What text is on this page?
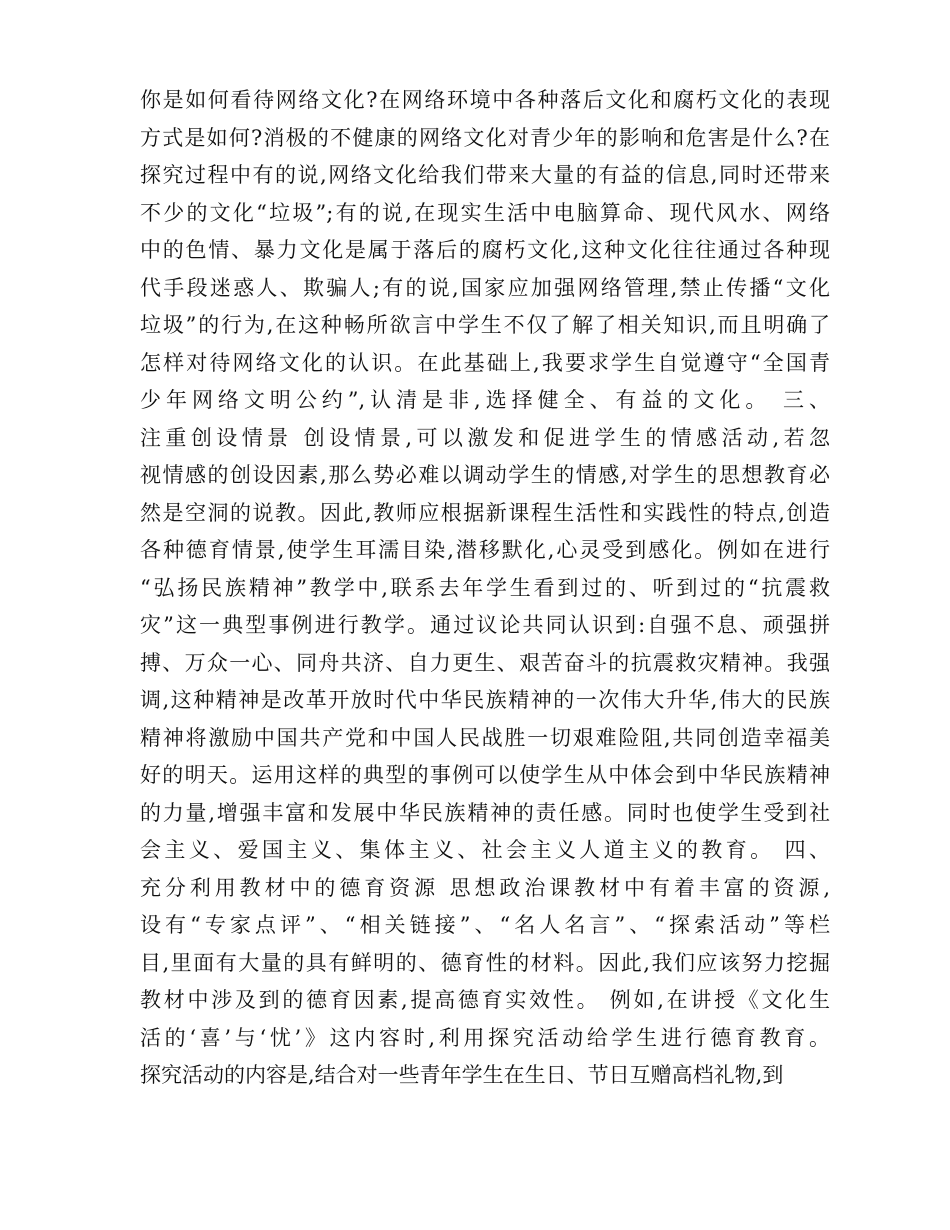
你是如何看待网络文化?在网络环境中各种落后文化和腐朽文化的表现
方式是如何?消极的不健康的网络文化对青少年的影响和危害是什么?在
探究过程中有的说,网络文化给我们带来大量的有益的信息,同时还带来
不少的文化“垃圾”;有的说,在现实生活中电脑算命、现代风水、网络
中的色情、暴力文化是属于落后的腐朽文化,这种文化往往通过各种现
代手段迷惑人、欺骗人;有的说,国家应加强网络管理,禁止传播“文化
垃圾”的行为,在这种畅所欲言中学生不仅了解了相关知识,而且明确了
怎样对待网络文化的认识。在此基础上,我要求学生自觉遵守“全国青
少年网络文明公约”,认清是非,选择健全、有益的文化。 三、
注重创设情景 创设情景,可以激发和促进学生的情感活动,若忽
视情感的创设因素,那么势必难以调动学生的情感,对学生的思想教育必
然是空洞的说教。因此,教师应根据新课程生活性和实践性的特点,创造
各种德育情景,使学生耳濡目染,潜移默化,心灵受到感化。例如在进行
“弘扬民族精神”教学中,联系去年学生看到过的、听到过的“抗震救
灾”这一典型事例进行教学。通过议论共同认识到:自强不息、顽强拼
搏、万众一心、同舟共济、自力更生、艰苦奋斗的抗震救灾精神。我强
调,这种精神是改革开放时代中华民族精神的一次伟大升华,伟大的民族
精神将激励中国共产党和中国人民战胜一切艰难险阻,共同创造幸福美
好的明天。运用这样的典型的事例可以使学生从中体会到中华民族精神
的力量,增强丰富和发展中华民族精神的责任感。同时也使学生受到社
会主义、爱国主义、集体主义、社会主义人道主义的教育。 四、
充分利用教材中的德育资源 思想政治课教材中有着丰富的资源,
设有“专家点评”、“相关链接”、“名人名言”、“探索活动”等栏
目,里面有大量的具有鲜明的、德育性的材料。因此,我们应该努力挖掘
教材中涉及到的德育因素,提高德育实效性。 例如,在讲授《文化生
活的‘喜’与‘忧’》这内容时,利用探究活动给学生进行德育教育。
探究活动的内容是,结合对一些青年学生在生日、节日互赠高档礼物,到
